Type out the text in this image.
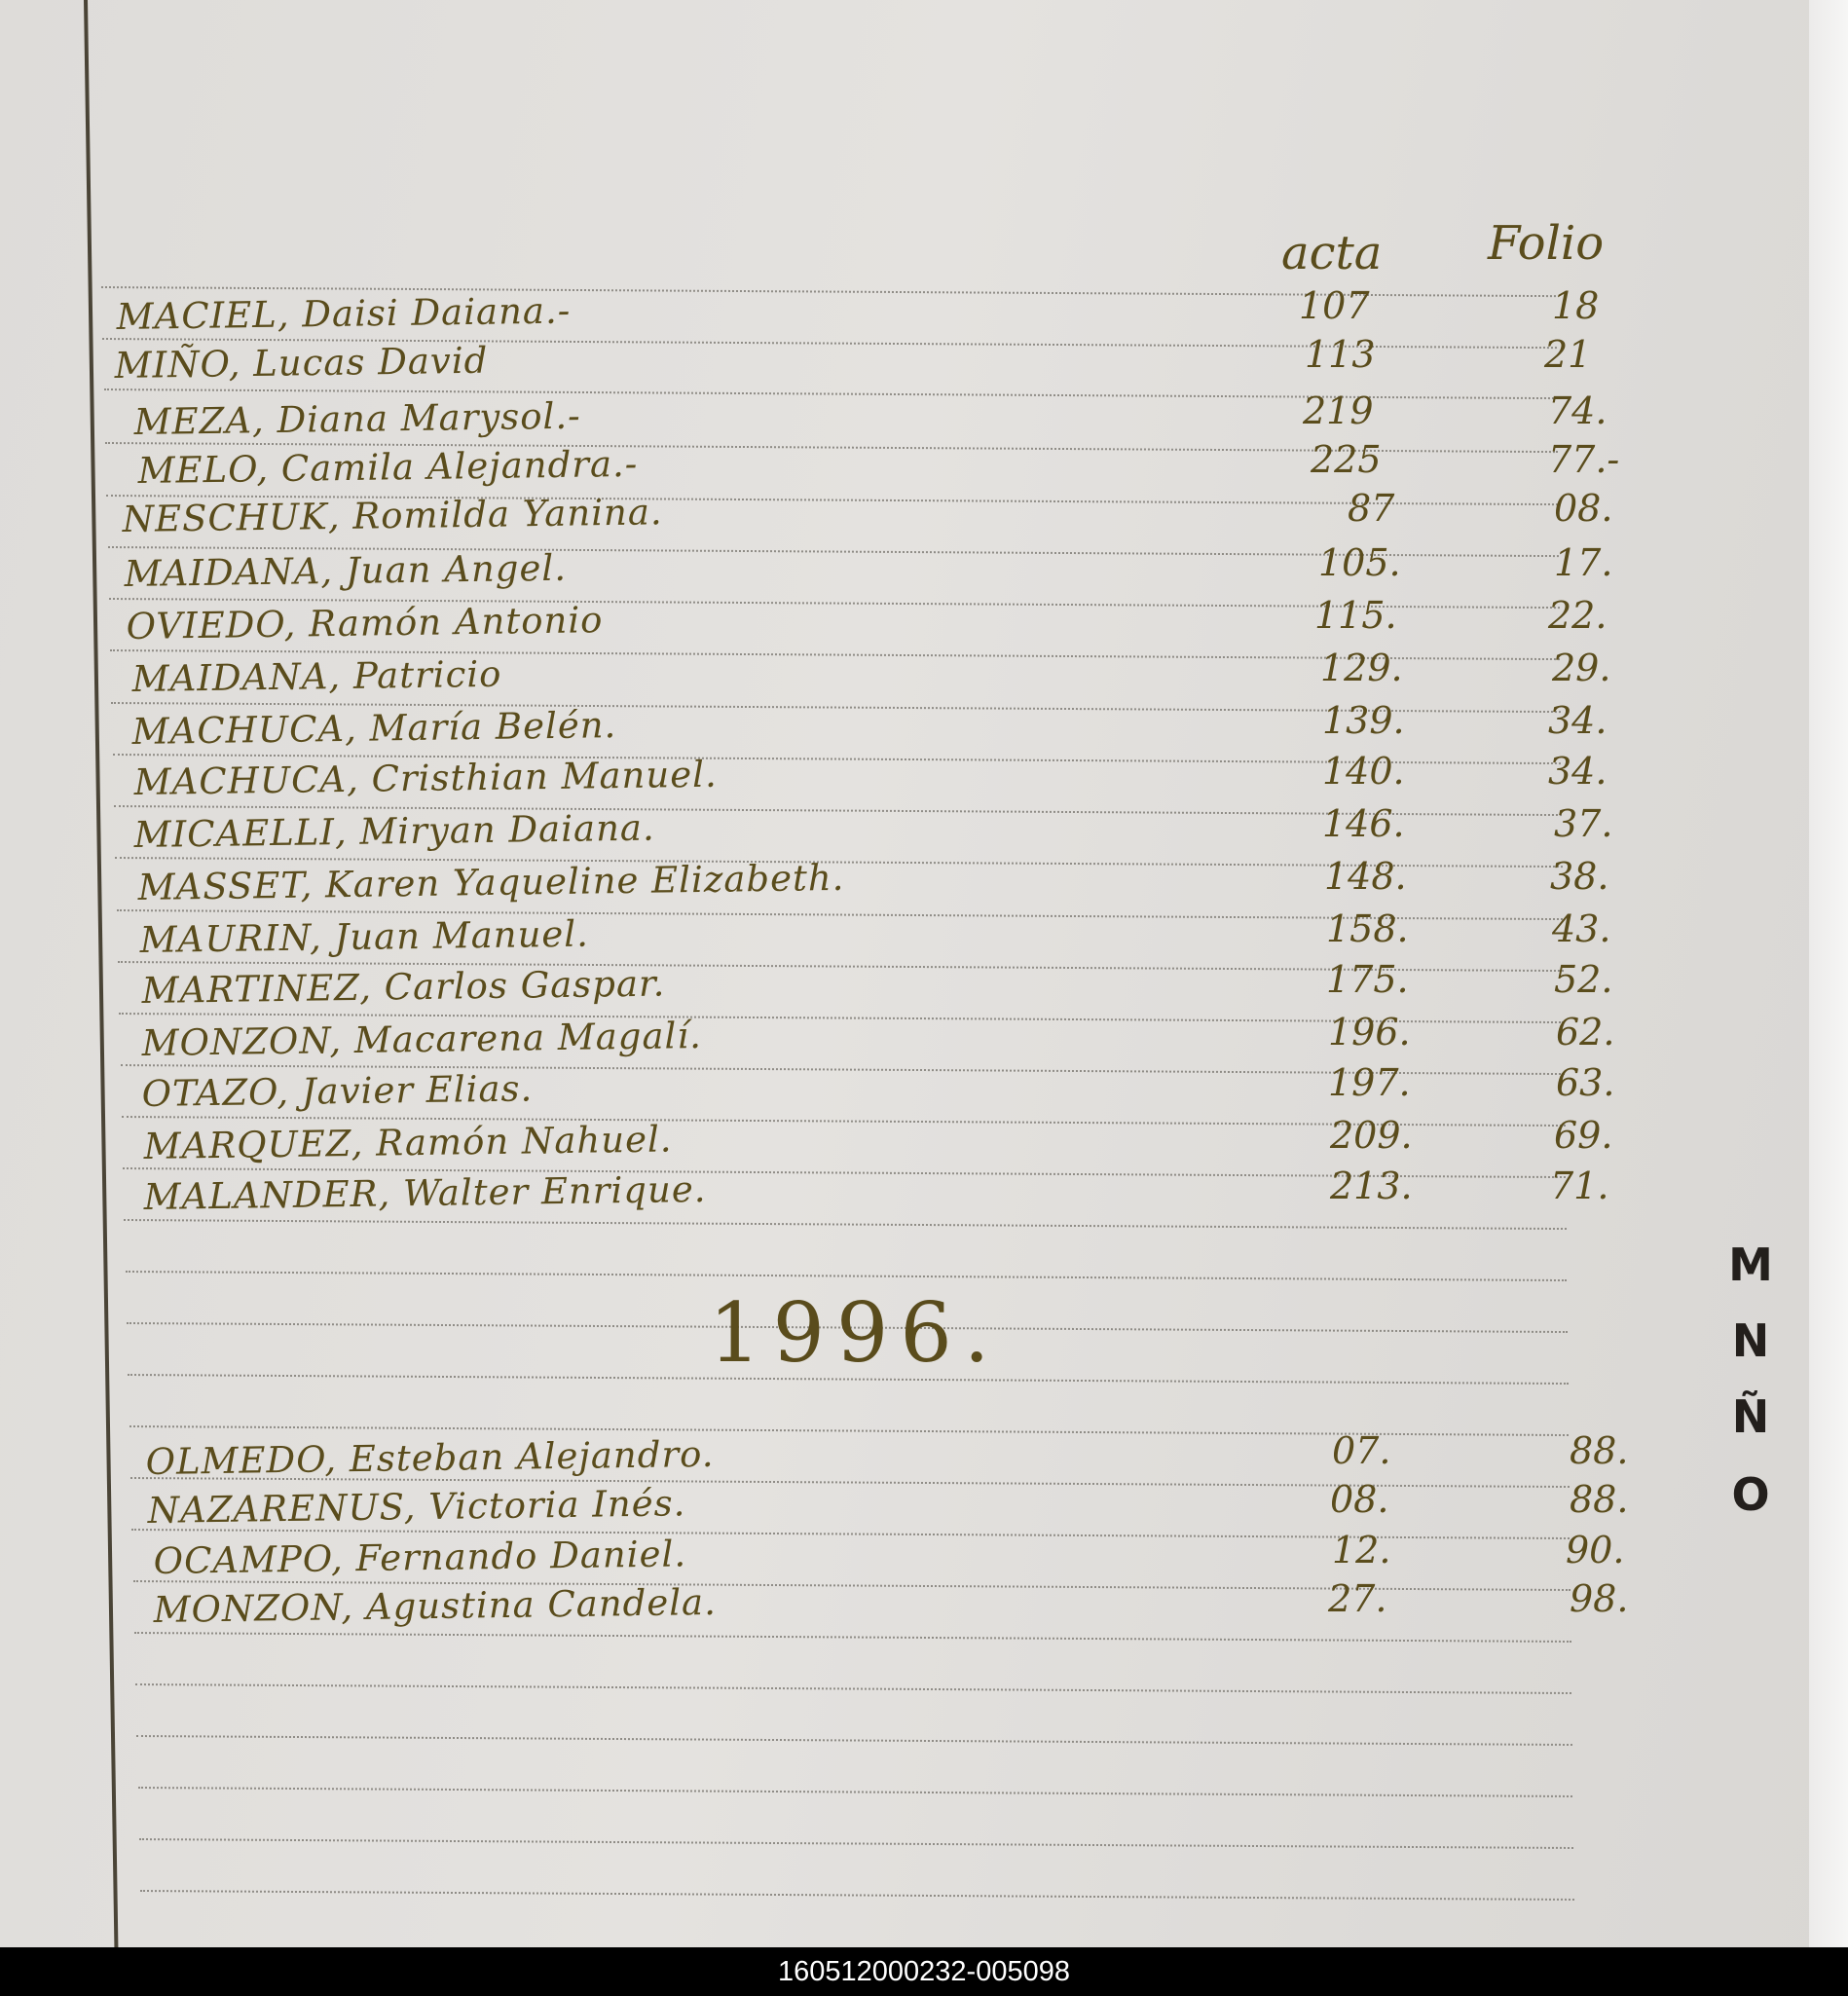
acta Folio
MACIEL, Daisi Daiana.-	107	18
MIÑO, Lucas David	113	21
MEZA, Diana Marysol.-	219	74.
MELO, Camila Alejandra.-	225	77.-
NESCHUK, Romilda Yanina.	87	08.
MAIDANA, Juan Angel.	105.	17.
OVIEDO, Ramón Antonio	115.	22.
MAIDANA, Patricio	129.	29.
MACHUCA, María Belén.	139.	34.
MACHUCA, Cristhian Manuel.	140.	34.
MICAELLI, Miryan Daiana.	146.	37.
MASSET, Karen Yaqueline Elizabeth.	148.	38.
MAURIN, Juan Manuel.	158.	43.
MARTINEZ, Carlos Gaspar.	175.	52.
MONZON, Macarena Magalí.	196.	62.
OTAZO, Javier Elias.	197.	63.
MARQUEZ, Ramón Nahuel.	209.	69.
MALANDER, Walter Enrique.	213.	71.
1996.
OLMEDO, Esteban Alejandro.	07.	88.
NAZARENUS, Victoria Inés.	08.	88.
OCAMPO, Fernando Daniel.	12.	90.
MONZON, Agustina Candela.	27.	98.
M
N
Ñ
O
160512000232-005098
